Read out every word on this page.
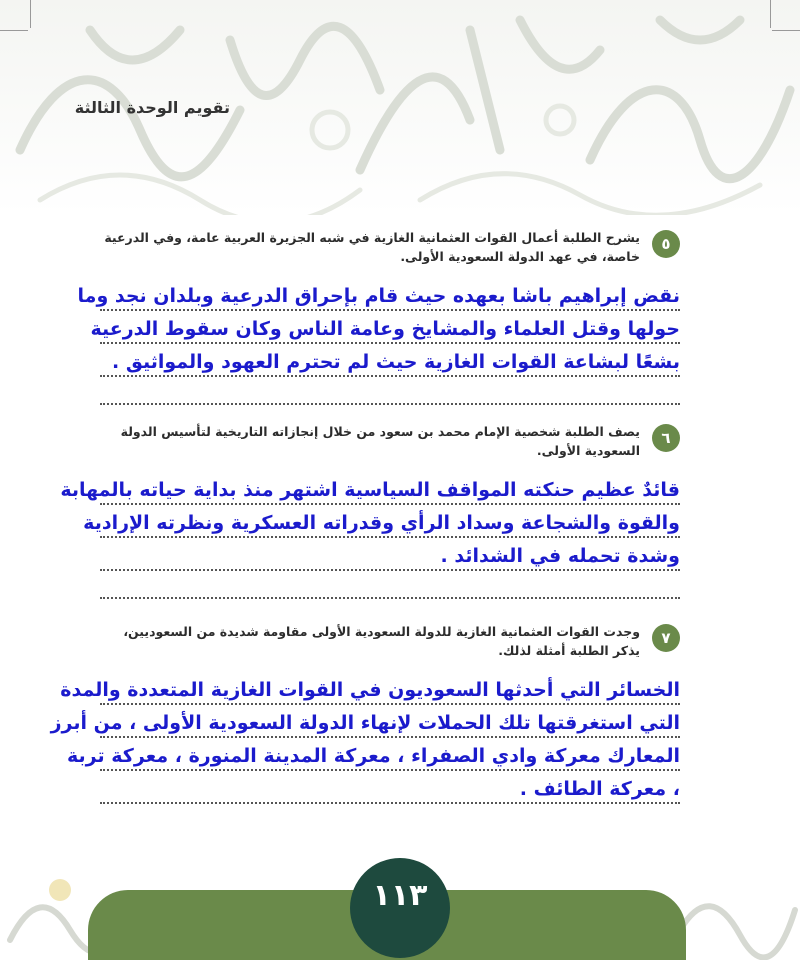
تقويم الوحدة الثالثة
٥
يشرح الطلبة أعمال القوات العثمانية الغازية في شبه الجزيرة العربية عامة، وفي الدرعية
خاصة، في عهد الدولة السعودية الأولى.
نقض إبراهيم باشا بعهده حيث قام بإحراق الدرعية وبلدان نجد وما
حولها وقتل العلماء والمشايخ وعامة الناس وكان سقوط الدرعية
بشعًا لبشاعة القوات الغازية حيث لم تحترم العهود والمواثيق .
٦
يصف الطلبة شخصية الإمام محمد بن سعود من خلال إنجازاته التاريخية لتأسيس الدولة
السعودية الأولى.
قائدٌ عظيم حنكته المواقف السياسية اشتهر منذ بداية حياته بالمهابة
والقوة والشجاعة وسداد الرأي وقدراته العسكرية ونظرته الإرادية
وشدة تحمله في الشدائد .
٧
وجدت القوات العثمانية الغازية للدولة السعودية الأولى مقاومة شديدة من السعوديين،
يذكر الطلبة أمثلة لذلك.
الخسائر التي أحدثها السعوديون في القوات الغازية المتعددة والمدة
التي استغرقتها تلك الحملات لإنهاء الدولة السعودية الأولى ، من أبرز
المعارك معركة وادي الصفراء ، معركة المدينة المنورة ، معركة تربة
، معركة الطائف .
١١٣
